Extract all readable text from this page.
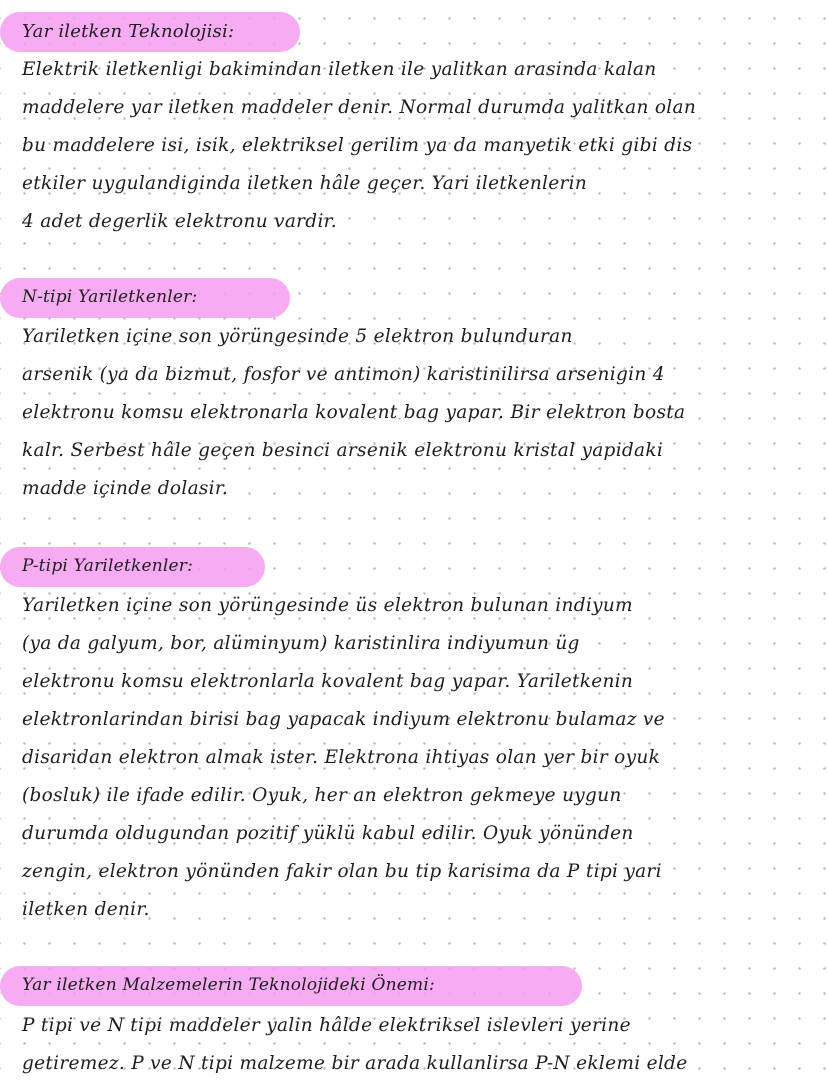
Yar iletken Teknolojisi:
Elektrik iletkenligi bakimindan iletken ile yalitkan arasinda kalan
maddelere yar iletken maddeler denir. Normal durumda yalitkan olan
bu maddelere isi, isik, elektriksel gerilim ya da manyetik etki gibi dis
etkiler uygulandiginda iletken hâle geçer. Yari iletkenlerin
4 adet degerlik elektronu vardir.
N-tipi Yariletkenler:
Yariletken içine son yörüngesinde 5 elektron bulunduran
arsenik (ya da bizmut, fosfor ve antimon) karistinilirsa arsenigin 4
elektronu komsu elektronarla kovalent bag yapar. Bir elektron bosta
kalr. Serbest hâle geçen besinci arsenik elektronu kristal yapidaki
madde içinde dolasir.
P-tipi Yariletkenler:
Yariletken içine son yörüngesinde üs elektron bulunan indiyum
(ya da galyum, bor, alüminyum) karistinlira indiyumun üg
elektronu komsu elektronlarla kovalent bag yapar. Yariletkenin
elektronlarindan birisi bag yapacak indiyum elektronu bulamaz ve
disaridan elektron almak ister. Elektrona ihtiyas olan yer bir oyuk
(bosluk) ile ifade edilir. Oyuk, her an elektron gekmeye uygun
durumda oldugundan pozitif yüklü kabul edilir. Oyuk yönünden
zengin, elektron yönünden fakir olan bu tip karisima da P tipi yari
iletken denir.
Yar iletken Malzemelerin Teknolojideki Önemi:
P tipi ve N tipi maddeler yalin hâlde elektriksel islevleri yerine
getiremez. P ve N tipi malzeme bir arada kullanlirsa P-N eklemi elde
